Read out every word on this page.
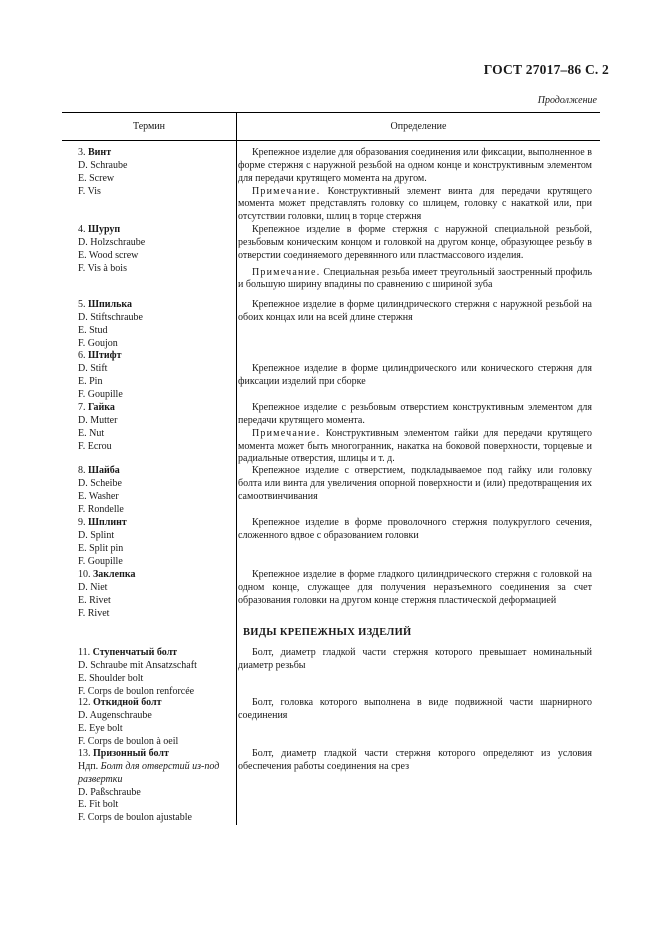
ГОСТ 27017–86 С. 2
Продолжение
Термин	Определение
3. Винт
D. Schraube
E. Screw
F. Vis

Крепежное изделие для образования соединения или фиксации, выполненное в форме стержня с наружной резьбой на одном конце и конструктивным элементом для передачи крутящего момента на другом.

Примечание. Конструктивный элемент винта для передачи крутящего момента может представлять головку со шлицем, головку с накаткой или, при отсутствии головки, шлиц в торце стержня

4. Шуруп
D. Holzschraube
E. Wood screw
F. Vis à bois

Крепежное изделие в форме стержня с наружной специальной резьбой, резьбовым коническим концом и головкой на другом конце, образующее резьбу в отверстии соединяемого деревянного или пластмассового изделия.

Примечание. Специальная резьба имеет треугольный заостренный профиль и большую ширину впадины по сравнению с шириной зуба

5. Шпилька
D. Stiftschraube
E. Stud
F. Goujon

Крепежное изделие в форме цилиндрического стержня с наружной резьбой на обоих концах или на всей длине стержня

6. Штифт
D. Stift
E. Pin
F. Goupille

Крепежное изделие в форме цилиндрического или конического стержня для фиксации изделий при сборке

7. Гайка
D. Mutter
E. Nut
F. Ecrou

Крепежное изделие с резьбовым отверстием конструктивным элементом для передачи крутящего момента.

Примечание. Конструктивным элементом гайки для передачи крутящего момента может быть многогранник, накатка на боковой поверхности, торцевые и радиальные отверстия, шлицы и т. д.

8. Шайба
D. Scheibe
E. Washer
F. Rondelle

Крепежное изделие с отверстием, подкладываемое под гайку или головку болта или винта для увеличения опорной поверхности и (или) предотвращения их самоотвинчивания

9. Шплинт
D. Splint
E. Split pin
F. Goupille

Крепежное изделие в форме проволочного стержня полукруглого сечения, сложенного вдвое с образованием головки

10. Заклепка
D. Niet
E. Rivet
F. Rivet

Крепежное изделие в форме гладкого цилиндрического стержня с головкой на одном конце, служащее для получения неразъемного соединения за счет образования головки на другом конце стержня пластической деформацией

ВИДЫ КРЕПЕЖНЫХ ИЗДЕЛИЙ
11. Ступенчатый болт
D. Schraube mit Ansatzschaft
E. Shoulder bolt
F. Corps de boulon renforcée

Болт, диаметр гладкой части стержня которого превышает номинальный диаметр резьбы

12. Откидной болт
D. Augenschraube
E. Eye bolt
F. Corps de boulon à oeil

Болт, головка которого выполнена в виде подвижной части шарнирного соединения

13. Призонный болт
Ндп. Болт для отверстий из-под развертки
D. Paßschraube
E. Fit bolt
F. Corps de boulon ajustable

Болт, диаметр гладкой части стержня которого определяют из условия обеспечения работы соединения на срез
